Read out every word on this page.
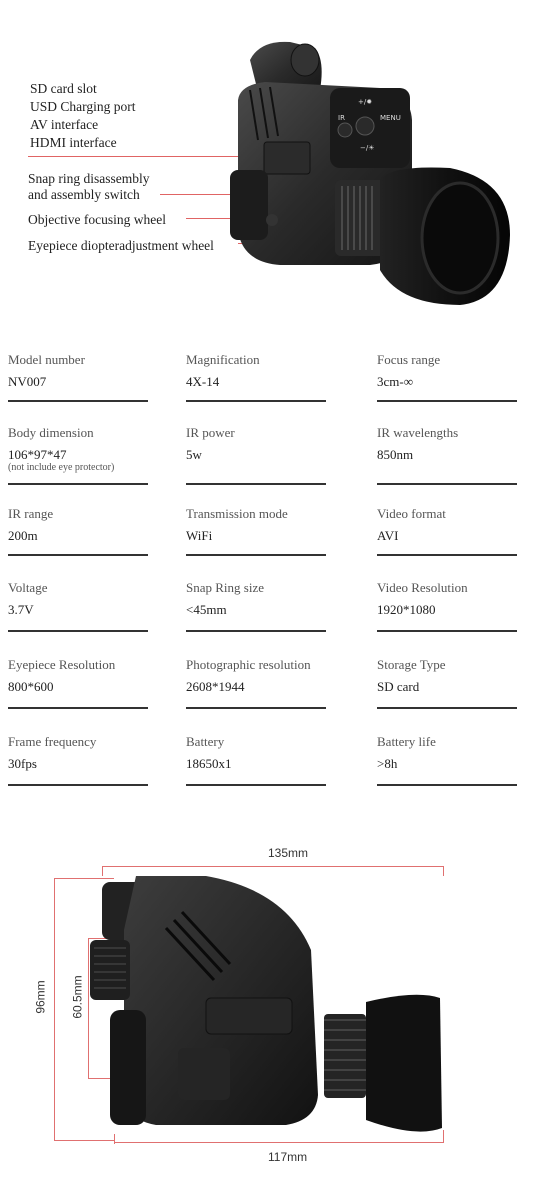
SD card slot
USD Charging port
AV interface
HDMI interface
Snap ring disassembly
and assembly switch
Objective focusing wheel
Eyepiece diopteradjustment wheel
+/✹
IR	MENU
−/☀
Model number
NV007
Magnification
4X-14
Focus range
3cm-∞
Body dimension
106*97*47
(not include eye protector)
IR power
5w
IR wavelengths
850nm
IR range
200m
Transmission mode
WiFi
Video format
AVI
Voltage
3.7V
Snap Ring size
<45mm
Video Resolution
1920*1080
Eyepiece Resolution
800*600
Photographic resolution
2608*1944
Storage Type
SD card
Frame frequency
30fps
Battery
18650x1
Battery life
>8h
135mm
96mm 60.5mm
117mm
